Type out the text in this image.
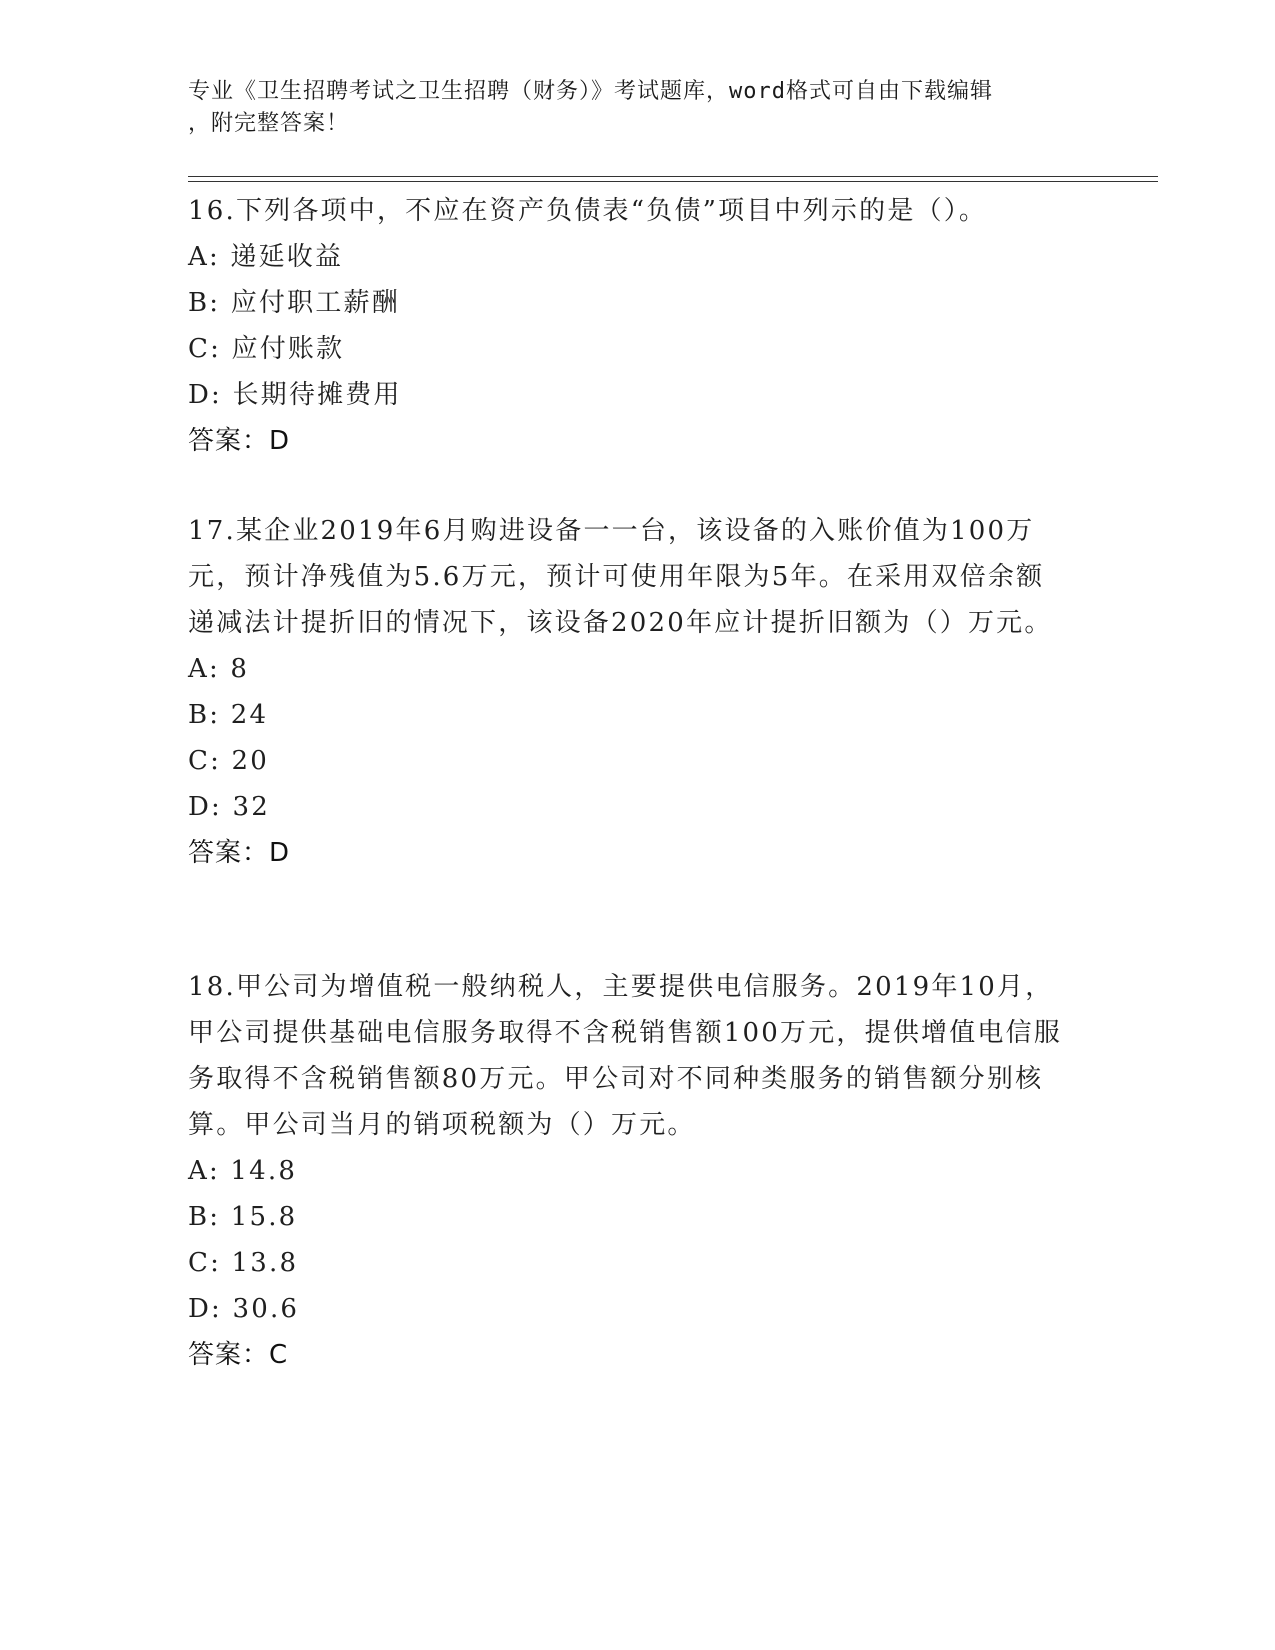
专业《卫生招聘考试之卫生招聘（财务）》考试题库，word格式可自由下载编辑
，附完整答案！

16.下列各项中，不应在资产负债表“负债”项目中列示的是（）。

A: 递延收益

B: 应付职工薪酬

C: 应付账款

D: 长期待摊费用

答案：D

17.某企业2019年6月购进设备一一台，该设备的入账价值为100万元，预计净残值为5.6万元，预计可使用年限为5年。在采用双倍余额递减法计提折旧的情况下，该设备2020年应计提折旧额为（）万元。

A: 8

B: 24

C: 20

D: 32

答案：D

18.甲公司为增值税一般纳税人，主要提供电信服务。2019年10月，甲公司提供基础电信服务取得不含税销售额100万元，提供增值电信服务取得不含税销售额80万元。甲公司对不同种类服务的销售额分别核算。甲公司当月的销项税额为（）万元。

A: 14.8

B: 15.8

C: 13.8

D: 30.6

答案：C
